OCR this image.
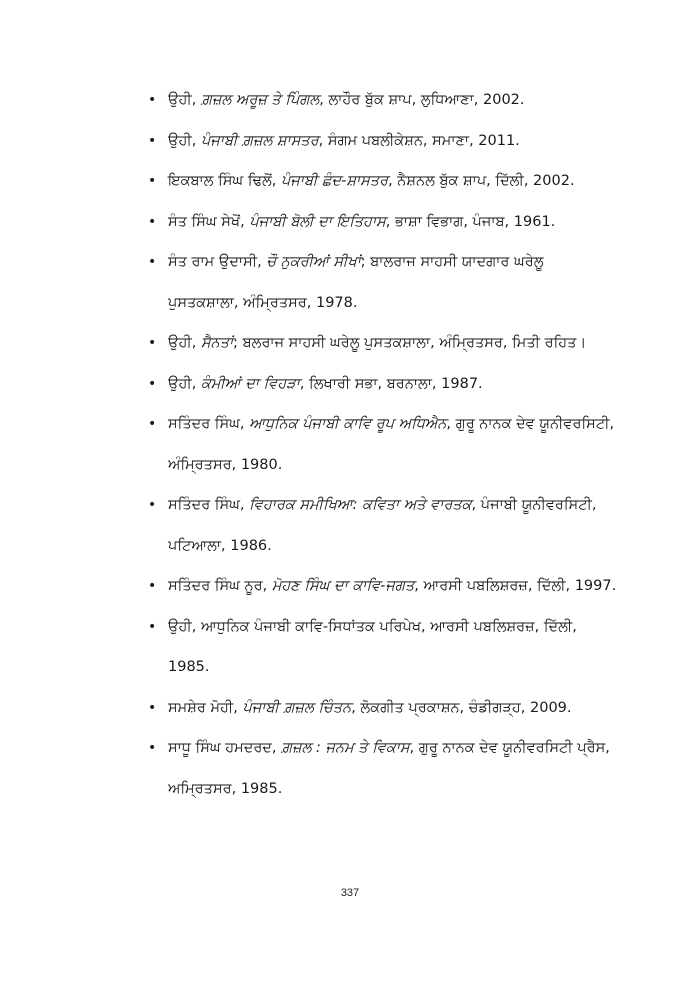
• ਉਹੀ, ਗ਼ਜ਼ਲ ਅਰੂਜ਼ ਤੇ ਪਿੰਗਲ, ਲਾਹੌਰ ਬੁੱਕ ਸ਼ਾਪ, ਲੁਧਿਆਣਾ, 2002.
• ਉਹੀ, ਪੰਜਾਬੀ ਗ਼ਜ਼ਲ ਸ਼ਾਸਤਰ, ਸੰਗਮ ਪਬਲੀਕੇਸ਼ਨ, ਸਮਾਣਾ, 2011.
• ਇਕਬਾਲ ਸਿੰਘ ਢਿਲੋਂ, ਪੰਜਾਬੀ ਛੰਦ-ਸ਼ਾਸਤਰ, ਨੈਸ਼ਨਲ ਬੁੱਕ ਸ਼ਾਪ, ਦਿੱਲੀ, 2002.
• ਸੰਤ ਸਿੰਘ ਸੇਖੋਂ, ਪੰਜਾਬੀ ਬੋਲੀ ਦਾ ਇਤਿਹਾਸ, ਭਾਸ਼ਾ ਵਿਭਾਗ, ਪੰਜਾਬ, 1961.
• ਸੰਤ ਰਾਮ ਉਦਾਸੀ, ਚੌ ਨੁਕਰੀਆਂ ਸੀਖਾਂ; ਬਾਲਰਾਜ ਸਾਹਸੀ ਯਾਦਗਾਰ ਘਰੇਲੂ ਪੁਸਤਕਸ਼ਾਲਾ, ਅੰਮ੍ਰਿਤਸਰ, 1978.
• ਉਹੀ, ਸੈਨਤਾਂ; ਬਲਰਾਜ ਸਾਹਸੀ ਘਰੇਲੂ ਪੁਸਤਕਸ਼ਾਲਾ, ਅੰਮ੍ਰਿਤਸਰ, ਮਿਤੀ ਰਹਿਤ।
• ਉਹੀ, ਕੰਮੀਆਂ ਦਾ ਵਿਹੜਾ, ਲਿਖਾਰੀ ਸਭਾ, ਬਰਨਾਲਾ, 1987.
• ਸਤਿੰਦਰ ਸਿੰਘ, ਆਧੁਨਿਕ ਪੰਜਾਬੀ ਕਾਵਿ ਰੂਪ ਅਧਿਐਨ, ਗੁਰੂ ਨਾਨਕ ਦੇਵ ਯੂਨੀਵਰਸਿਟੀ, ਅੰਮ੍ਰਿਤਸਰ, 1980.
• ਸਤਿੰਦਰ ਸਿੰਘ, ਵਿਹਾਰਕ ਸਮੀਖਿਆ: ਕਵਿਤਾ ਅਤੇ ਵਾਰਤਕ, ਪੰਜਾਬੀ ਯੂਨੀਵਰਸਿਟੀ, ਪਟਿਆਲਾ, 1986.
• ਸਤਿੰਦਰ ਸਿੰਘ ਨੂਰ, ਮੋਹਣ ਸਿੰਘ ਦਾ ਕਾਵਿ-ਜਗਤ, ਆਰਸੀ ਪਬਲਿਸ਼ਰਜ਼, ਦਿੱਲੀ, 1997.
• ਉਹੀ, ਆਧੁਨਿਕ ਪੰਜਾਬੀ ਕਾਵਿ-ਸਿਧਾਂਤਕ ਪਰਿਪੇਖ, ਆਰਸੀ ਪਬਲਿਸ਼ਰਜ਼, ਦਿੱਲੀ, 1985.
• ਸਮਸ਼ੇਰ ਮੋਹੀ, ਪੰਜਾਬੀ ਗ਼ਜ਼ਲ ਚਿੰਤਨ, ਲੋਕਗੀਤ ਪ੍ਰਕਾਸ਼ਨ, ਚੰਡੀਗੜ੍ਹ, 2009.
• ਸਾਧੂ ਸਿੰਘ ਹਮਦਰਦ, ਗ਼ਜ਼ਲ : ਜਨਮ ਤੇ ਵਿਕਾਸ, ਗੁਰੂ ਨਾਨਕ ਦੇਵ ਯੂਨੀਵਰਸਿਟੀ ਪ੍ਰੈਸ, ਅਮ੍ਰਿਤਸਰ, 1985.
337
